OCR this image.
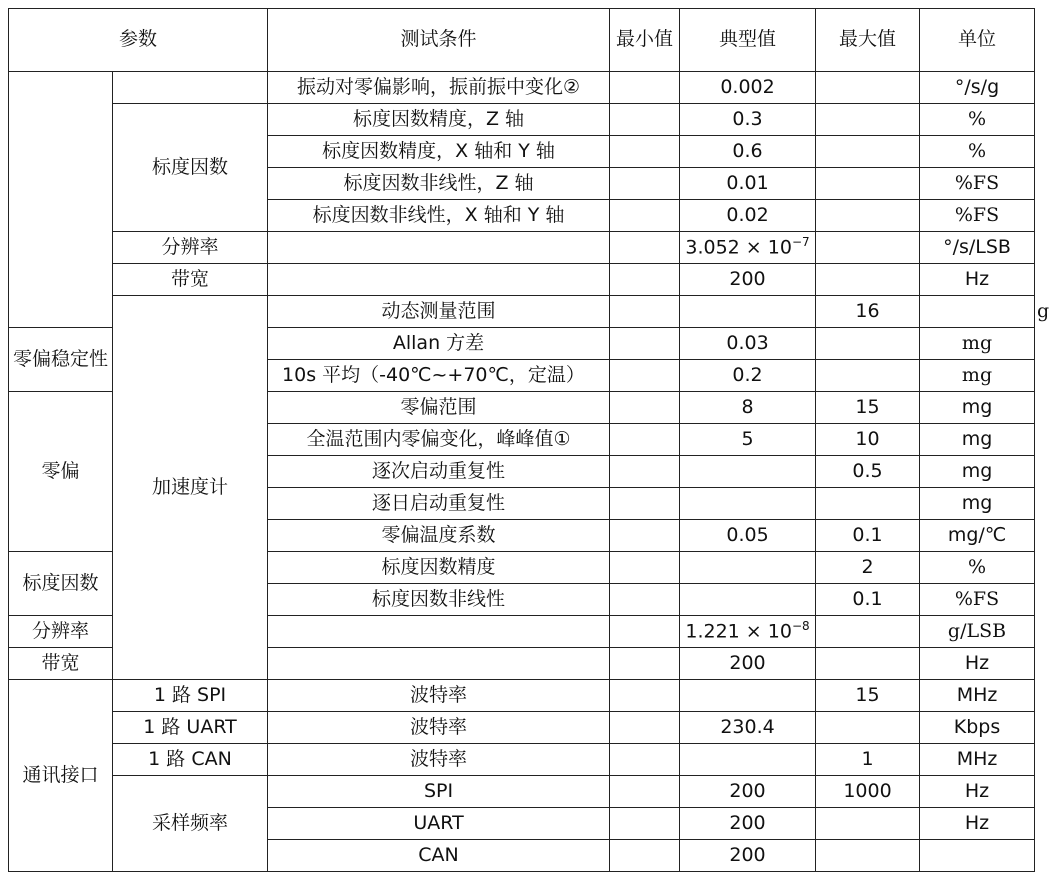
参数		测试条件	最小值	典型值	最大值	单位	
		振动对零偏影响，振前振中变化②		0.002		°/s/g	
	标度因数	标度因数精度，Z 轴		0.3		%	
		标度因数精度，X 轴和 Y 轴		0.6		%	
		标度因数非线性，Z 轴		0.01		%FS	
		标度因数非线性，X 轴和 Y 轴		0.02		%FS	
	分辨率			$3.052 \times 10^{-7}$		°/s/LSB	
	带宽			200		Hz	
	加速度计	动态测量范围			16		g
零偏稳定性		Allan 方差		0.03		mg	
		10s 平均（-40℃~+70℃，定温）		0.2		mg	
零偏		零偏范围		8	15	mg	
		全温范围内零偏变化，峰峰值①		5	10	mg	
		逐次启动重复性			0.5	mg	
		逐日启动重复性				mg	
		零偏温度系数		0.05	0.1	mg/℃	
标度因数		标度因数精度			2	%	
		标度因数非线性			0.1	%FS	
分辨率				$1.221 \times 10^{-8}$		g/LSB	
带宽				200		Hz	
通讯接口	1 路 SPI	波特率			15	MHz	
	1 路 UART	波特率		230.4		Kbps	
	1 路 CAN	波特率			1	MHz	
	采样频率	SPI		200	1000	Hz	
		UART		200		Hz	
		CAN		200			
